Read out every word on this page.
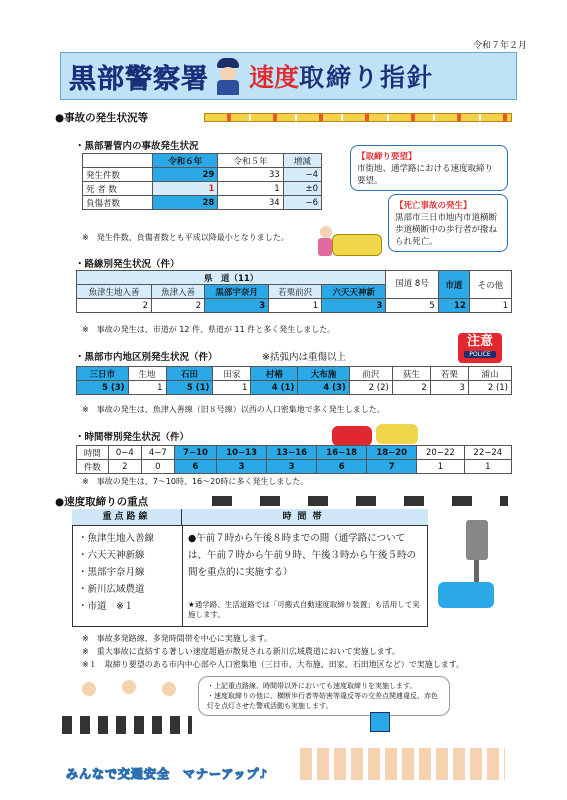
令和７年２月
黒部警察署 速度 取締り指針
●事故の発生状況等
・黒部署管内の事故発生状況
	令和６年	令和５年	増減
発生件数	29	33	−4
死 者 数	1	1	±0
負傷者数	28	34	−6
※　発生件数、負傷者数とも平成以降最小となりました。
【取締り要望】
市街地、通学路における速度取締り要望。
【死亡事故の発生】
黒部市三日市地内市道横断歩道横断中の歩行者が撥ねられ死亡。
・路線別発生状況（件）
県　道（11）					国道 8号	市道	その他
魚津生地入善	魚津入善	黒部宇奈月	若栗前沢	六天天神新			
2	2	3	1	3	5	12	1
※　事故の発生は、市道が 12 件、県道が 11 件と多く発生しました。
注意
POLICE
・黒部市内地区別発生状況（件）	※括弧内は重傷以上
三日市	生地	石田	田家	村椿	大布施	前沢	荻生	若栗	浦山
5 (3)	1	5 (1)	1	4 (1)	4 (3)	2 (2)	2	3	2 (1)
※　事故の発生は、魚津入善線（旧８号線）以西の人口密集地で多く発生しました。
・時間帯別発生状況（件）
時間	0−4	4−7	7−10	10−13	13−16	16−18	18−20	20−22	22−24
件数	2	0	6	3	3	6	7	1	1
※　事故の発生は、7〜10時、16〜20時に多く発生しました。
●速度取締りの重点
重点路線	時間帯
・魚津生地入善線
・六天天神新線
・黒部宇奈月線
・新川広域農道
・市道　※１
●午前７時から午後８時までの間（通学路については、午前７時から午前９時、午後３時から午後５時の間を重点的に実施する）
★通学路、生活道路では「可搬式自動速度取締り装置」も活用して実施します。
※　事故多発路線、多発時間帯を中心に実施します。
※　重大事故に直結する著しい速度超過が散見される新川広域農道において実施します。
※１　取締り要望のある市内中心部や人口密集地（三日市、大布施、田家、石田地区など）で実施します。
・上記重点路線、時間帯以外においても速度取締りを実施します。
・速度取締りの他に、横断歩行者等妨害等違反等の交差点関連違反、赤色灯を点灯させた警戒活動も実施します。
みんなで交通安全　マナーアップ♪
